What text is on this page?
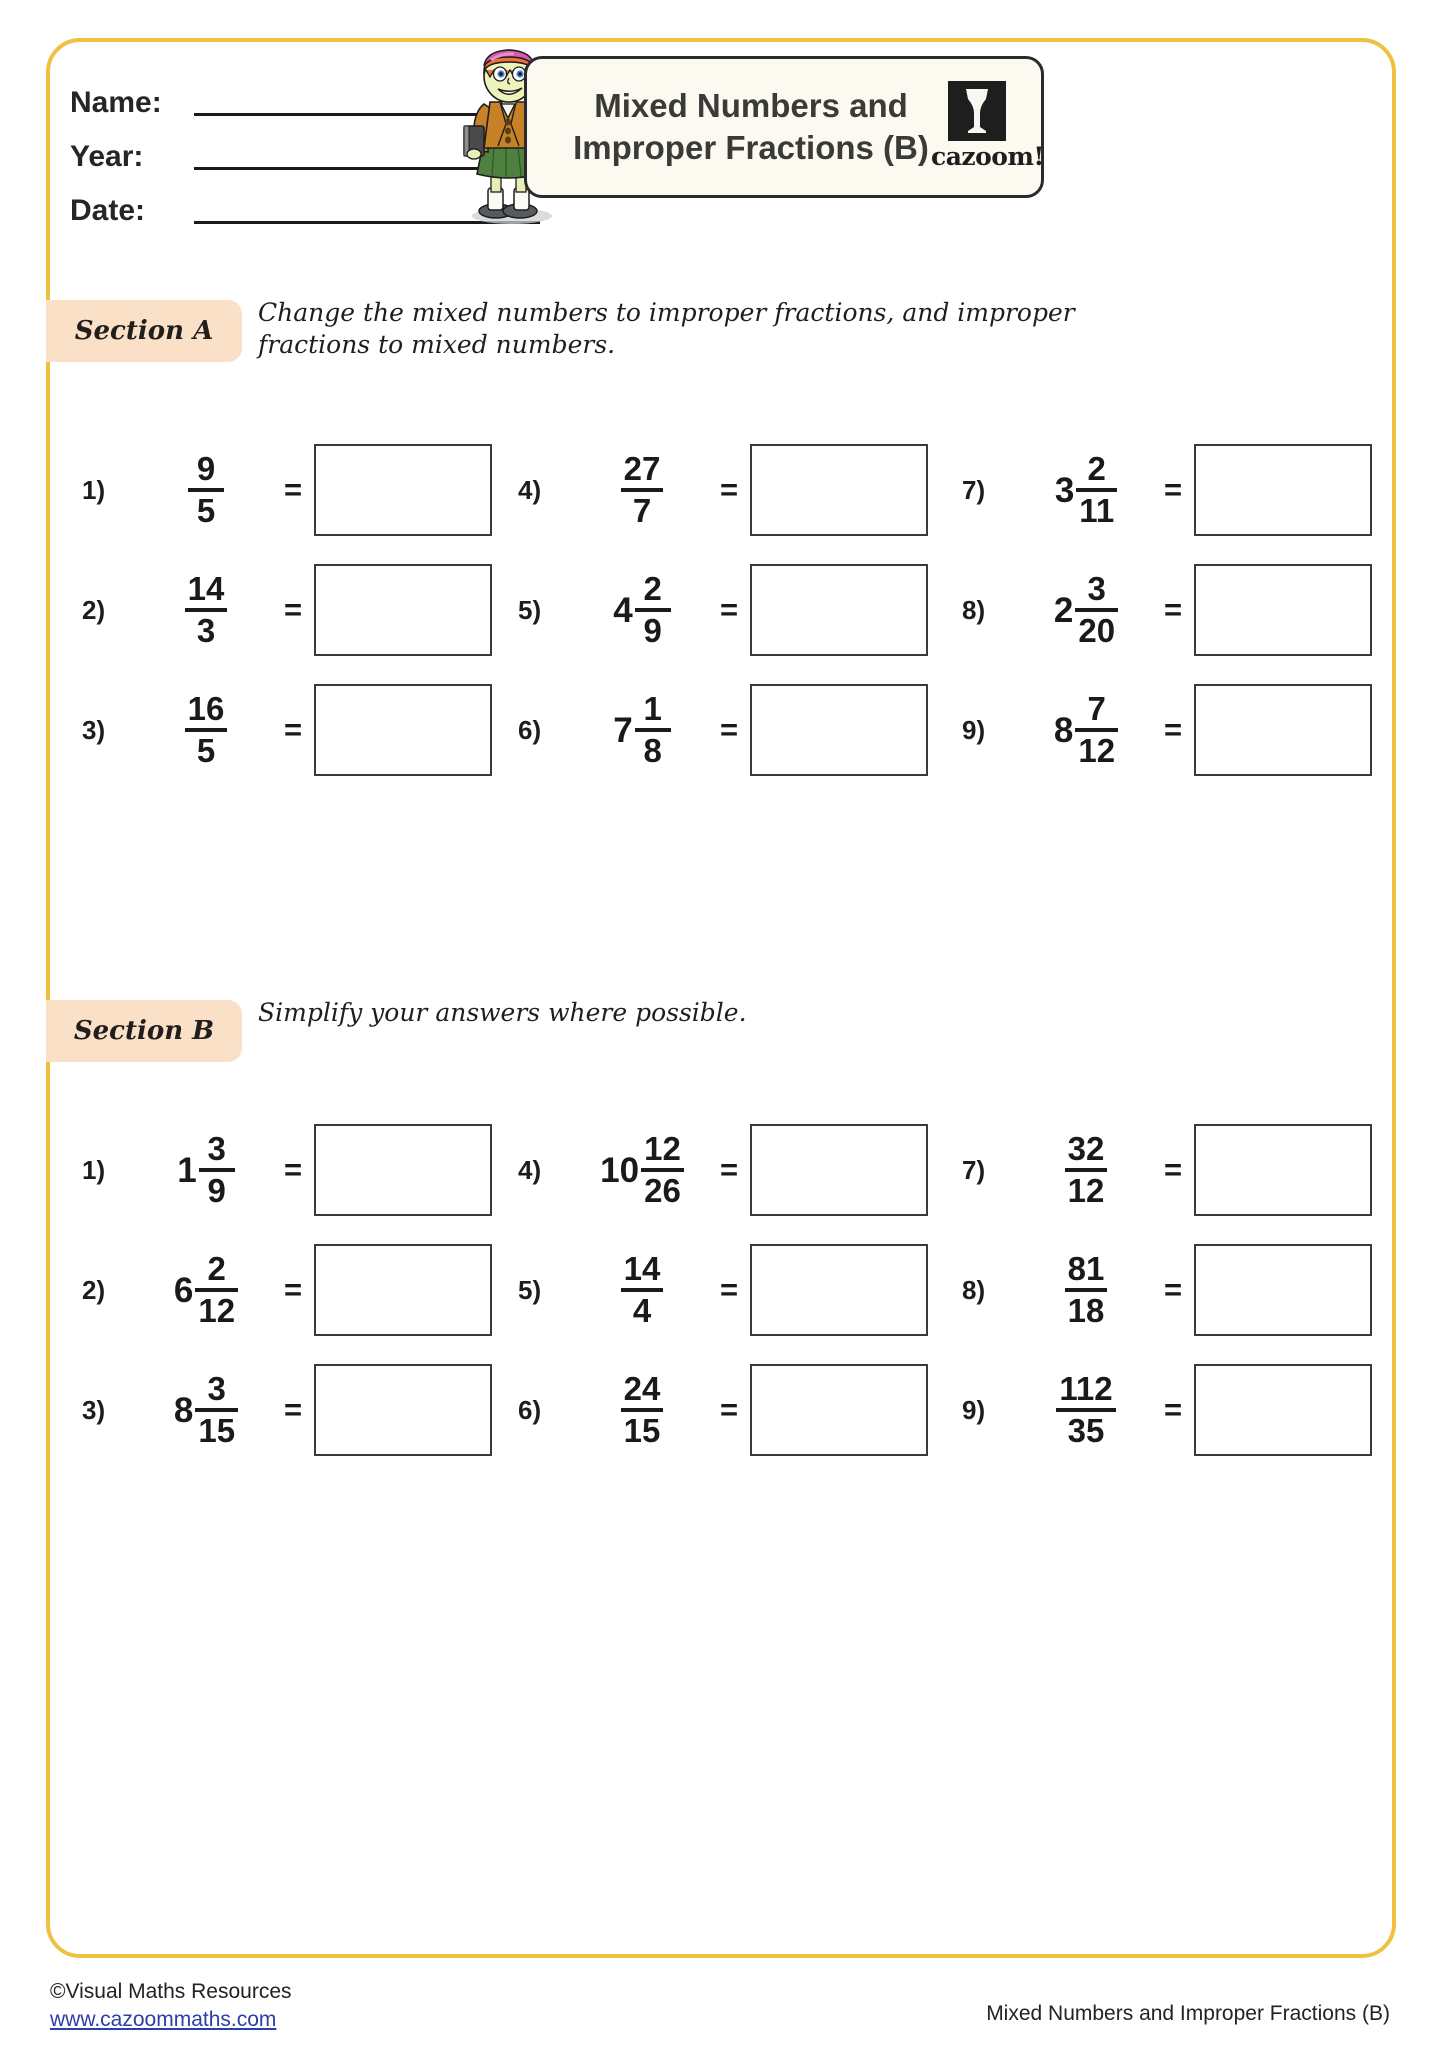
Name:
Year:
Date:
Mixed Numbers and
Improper Fractions (B) cazoom!
Section A
Change the mixed numbers to improper fractions, and improper fractions to mixed numbers.
1)	$\frac{9}{5}$	=	4)	$\frac{27}{7}$	=	7)	$3 \frac{2}{11}$	=
2)	$\frac{14}{3}$	=	5)	$4 \frac{2}{9}$	=	8)	$2 \frac{3}{20}$	=
3)	$\frac{16}{5}$	=	6)	$7 \frac{1}{8}$	=	9)	$8 \frac{7}{12}$	=
Section B
Simplify your answers where possible.
1)	$1 \frac{3}{9}$	=	4)	$10 \frac{12}{26}$	=	7)	$\frac{32}{12}$	=
2)	$6 \frac{2}{12}$	=	5)	$\frac{14}{4}$	=	8)	$\frac{81}{18}$	=
3)	$8 \frac{3}{15}$	=	6)	$\frac{24}{15}$	=	9)	$\frac{112}{35}$	=
©Visual Maths Resources
www.cazoommaths.com	Mixed Numbers and Improper Fractions (B)
